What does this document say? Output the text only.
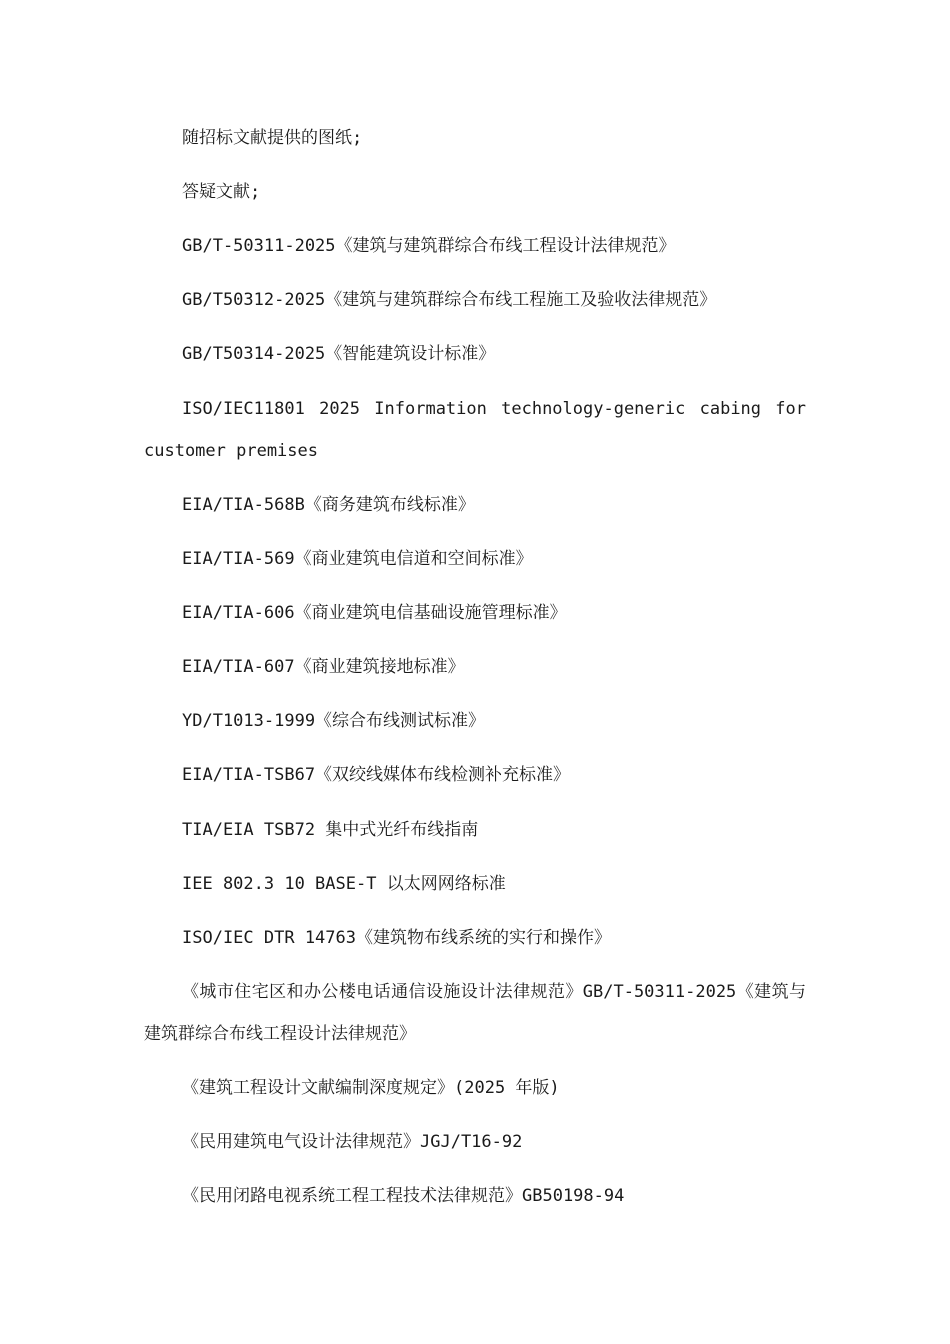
随招标文献提供的图纸;
答疑文献;
GB/T-50311-2025《建筑与建筑群综合布线工程设计法律规范》
GB/T50312-2025《建筑与建筑群综合布线工程施工及验收法律规范》
GB/T50314-2025《智能建筑设计标准》
ISO/IEC11801 2025 Information technology-generic cabing for customer premises
EIA/TIA-568B《商务建筑布线标准》
EIA/TIA-569《商业建筑电信道和空间标准》
EIA/TIA-606《商业建筑电信基础设施管理标准》
EIA/TIA-607《商业建筑接地标准》
YD/T1013-1999《综合布线测试标准》
EIA/TIA-TSB67《双绞线媒体布线检测补充标准》
TIA/EIA TSB72 集中式光纤布线指南
IEE 802.3 10 BASE-T 以太网网络标准
ISO/IEC DTR 14763《建筑物布线系统的实行和操作》
《城市住宅区和办公楼电话通信设施设计法律规范》GB/T-50311-2025《建筑与建筑群综合布线工程设计法律规范》
《建筑工程设计文献编制深度规定》(2025 年版)
《民用建筑电气设计法律规范》JGJ/T16-92
《民用闭路电视系统工程工程技术法律规范》GB50198-94
